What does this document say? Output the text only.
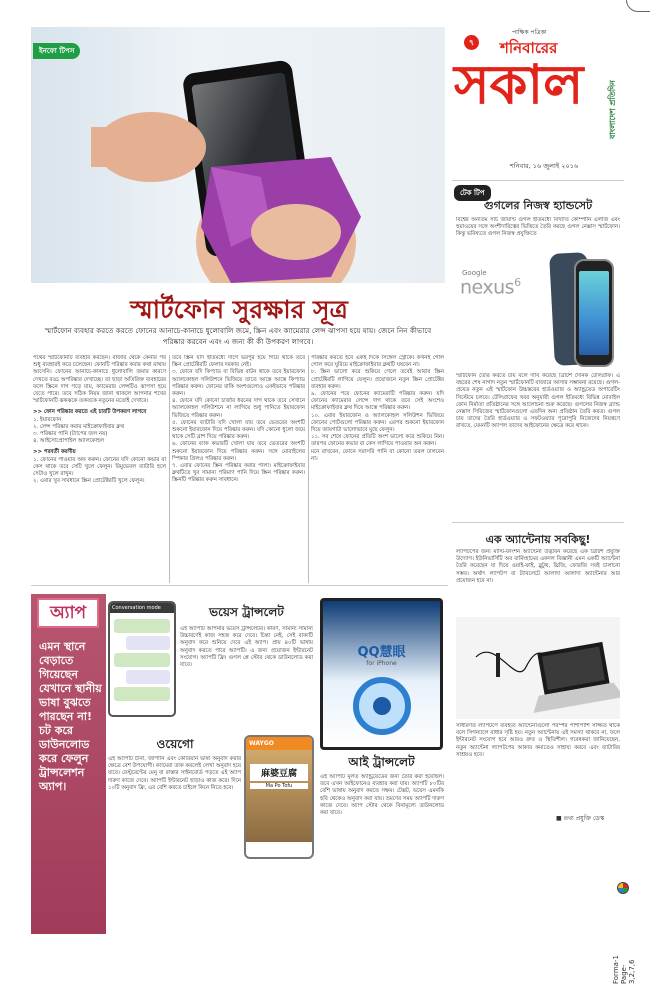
ইনফো টিপস
পাক্ষিক পত্রিকা
৭	শনিবারের
সকাল	বাংলাদেশ প্রতিদিন
শনিবার, ১৬ জুলাই ২০১৬
স্মার্টফোন সুরক্ষার সূত্র
স্মার্টফোন ব্যবহার করতে করতে ফোনের আনাচে-কানাচে ধুলোবালি জমে, স্ক্রিন এবং ক্যামেরার লেন্স ঝাপসা হয়ে যায়। জেনে নিন কীভাবে পরিষ্কার করবেন এবং এ জন্য কী কী উপকরণ লাগবে।
পথের স্মার্টফোনটি ব্যবহার করছেন। বাজার থেকে কেনার পর শুধু ব্যবহারই করে চলেছেন। ফোনটি পরিষ্কার করার কথা মাথায় আসেনি। ফোনের আনাচে-কানাচে ধুলোবালি জমার কারণে দেখতে বড্ড অপরিষ্কার দেখাচ্ছে। তা ছাড়া অতিরিক্ত ব্যবহারের ফলে স্ক্রিনে দাগ পড়ে যায়, ক্যামেরার লেন্সটিও ঝাপসা হয়ে যেতে পারে। তবে সঠিক নিয়ম জানা থাকলে আপনার শখের স্মার্টফোনটি ঝকঝকে তকতকে নতুনের মতোই দেখাবে।
>> ফোন পরিষ্কার করতে এই চারটি উপকরণ লাগবে
১. ইয়ারফোন
২. লেন্স পরিষ্কার করার মাইক্রোফাইবার ক্লথ
৩. পরিষ্কার পানি (ট্যাপের জল নয়)
৪. আইসোপ্রোপাইল অ্যালকোহল
>> পরবর্তী করণীয়
১. ফোনের পাওয়ার অফ করুন। ফোনের যদি কোনো কভার বা কেস থাকে তবে সেটি খুলে ফেলুন। রিমুভেবল ব্যাটারি হলে সেটাও খুলে রাখুন।
২. এবার খুব সাবধানে স্ক্রিন প্রোটেক্টরটি খুলে ফেলুন।
তবে স্ক্রিন যদি ইতিমধ্যে দাগে ভরপুর হয়ে গিয়ে থাকে তবে স্ক্রিন প্রোটেক্টরটি ফেলার দরকার নেই।
৩. ফোনে যদি কিপ্যাড বা বিভিন্ন বাটন থাকে তবে ইয়ারফোন অ্যালকোহল সলিউশনে ভিজিয়ে তাতে আস্তে আস্তে কিপ্যাড পরিষ্কার করুন। ফোনের বাকি অংশগুলোও একইভাবে পরিষ্কার করুন।
৪. ফোনে যদি কোনো চার্জার ধরনের দাগ থাকে তবে সেখানে অ্যালকোহল সলিউশনে না লাগিয়ে শুধু পানিতে ইয়ারফোন ভিজিয়ে পরিষ্কার করুন।
৫. ফোনের ব্যাটারি যদি খোলা যায় তবে ভেতরের অংশটি শুকনো ইয়ারফোন দিয়ে পরিষ্কার করুন। যদি কোনো ধুলো জমে থাকে সেটি ব্রাশ দিয়ে পরিষ্কার করুন।
৬. ফোনের ব্যাক কভারটি খোলা যায় তবে ভেতরের অংশটি শুকনো ইয়ারফোন দিয়ে পরিষ্কার করুন। সঙ্গে মোবাইলের স্পিকার গ্রিলও পরিষ্কার করুন।
৭. এবার ফোনের স্ক্রিন পরিষ্কার করার পালা। মাইক্রোফাইবার ক্লথটিতে খুব সামান্য পরিমাণ পানি দিয়ে স্ক্রিন পরিষ্কার করুন। স্ক্রিনটি পরিষ্কার করুন সাবধানে।
পরিষ্কার করতে হবে একই দিকে সিঙ্গেল স্ট্রোকে। কখনই গোল গোল করে ঘুরিয়ে মাইক্রোফাইবার ক্লথটি ঘষবেন না।
৮. স্ক্রিন ভালো করে শুকিয়ে গেলে তবেই আবার স্ক্রিন প্রোটেক্টরটি লাগিয়ে ফেলুন। প্রয়োজনে নতুন স্ক্রিন প্রোটেক্টর ব্যবহার করুন।
৯. ফোনের পরে ফোনের ক্যামেরাটি পরিষ্কার করুন। যদি ফোনের ক্যামেরার লেন্সে দাগ থাকে তবে সেই অংশেও মাইক্রোফাইবার ক্লথ দিয়ে আস্তে পরিষ্কার করুন।
১০. এবার ইয়ারফোন ও অ্যালকোহল সলিউশন ভিজিয়ে ফোনের পোর্টগুলো পরিষ্কার করুন। এরপর শুকনো ইয়ারফোন দিয়ে জায়গাটা ভালোভাবে মুছে ফেলুন।
১১. সব শেষে ফোনের প্রতিটি অংশ ভালো করে শুকিয়ে নিন। তারপর ফোনের কভার বা কেস লাগিয়ে পাওয়ার অন করুন।
মনে রাখবেন, ফোনে সরাসরি পানি বা কোনো তরল ঢালবেন না।
টেক টিপ
গুগলের নিজস্ব হ্যান্ডসেট
বিশ্বের অন্যতম সার্চ জায়ান্ট গুগল ইতিমধ্যে বিখ্যাত কোম্পানি এলজি এবং হুয়াওয়ের সঙ্গে অংশীদারিত্বের ভিত্তিতে তৈরি করছে গুগল নেক্সাস স্মার্টফোন। কিন্তু ভবিষ্যতে গুগল নিজস্ব প্রযুক্তিতে
Google
nexus$^6$
স্মার্টফোন তৈরি করতে চায় বলে দাবি করেছে ব্রিটিশ দৈনিক টেলিগ্রাফ। এ বছরের শেষ নাগাদ নতুন স্মার্টফোনটি বাজারে আসার সম্ভাবনা রয়েছে। গুগল-প্রয়েড নতুন এই স্মার্টফোন উচ্চস্তরের হার্ডওয়্যার ও অ্যান্ড্রয়েড অপারেটিং সিস্টেমে চলবে। টেলিগ্রাফের খবর অনুযায়ী গুগল ইতিমধ্যে বিভিন্ন মোবাইল ফোন নির্মাতা প্রতিষ্ঠানের সঙ্গে আলোচনা শুরু করেছে। গুগলের নিজস্ব ব্র্যান্ড নেক্সাস সিরিজের স্মার্টফোনগুলো এতদিন অন্য প্রতিষ্ঠান তৈরি করত। গুগল চায় তাদের তৈরি হার্ডওয়্যার ও সফটওয়্যার পুরোপুরি নিজেদের নিয়ন্ত্রণে রাখতে, যেমনটি অ্যাপল তাদের আইফোনের ক্ষেত্রে করে থাকে।
এক অ্যান্টেনায় সবকিছু!
ল্যাপটপের জন্য মাল্টি-ফাংশন অ্যান্টেনা উদ্ভাবন করেছে এক ব্রিটিশ প্রযুক্তি উদ্যোগ। ইউনিভার্সিটি অব বার্মিংহামের একদল বিজ্ঞানী এমন একটি অ্যান্টেনা তৈরি করেছেন যা দিয়ে ওয়াই-ফাই, ব্লুটুথ, থ্রিজি, ফোরজি সবই চালানো সম্ভব। অর্থাৎ ল্যাপটপ বা ট্যাবলেটে আলাদা আলাদা অ্যান্টেনার আর প্রয়োজন হবে না।
সাধারণত ল্যাপটপে ব্যবহৃত অ্যান্টেনাগুলো পরস্পর পাশাপাশি সজ্জিত থাকে বলে সিগন্যালে বাধার সৃষ্টি হয়। নতুন অ্যান্টেনায় এই সমস্যা থাকবে না, ফলে ইন্টারনেট সংযোগ হবে আরও দ্রুত ও স্থিতিশীল। গবেষকরা জানিয়েছেন, নতুন অ্যান্টেনা ল্যাপটপের আকার কমাতেও সাহায্য করবে এবং ব্যাটারির সাশ্রয়ও হবে।
■ তথ্য প্রযুক্তি ডেস্ক
অ্যাপ
এমন স্থানে বেড়াতে গিয়েছেন যেখানে স্থানীয় ভাষা বুঝতে পারছেন না! চট করে ডাউনলোড করে ফেলুন ট্রান্সলেশন অ্যাপ।
Conversation mode	ভয়েস ট্রান্সলেট
এই অ্যাপটি আপনার ভয়েস ট্রান্সলেটর। কারণ, সামান্য সামান্য উচ্চারণেই কাজ সহজ করে দেবে। চিন্তা নেই, সেই বাক্যটি অনুবাদ করে শুনিয়ে দেবে এই অ্যাপ। প্রায় ৪০টি ভাষায় অনুবাদ করতে পারে অ্যাপটি। এ জন্য প্রয়োজন ইন্টারনেট সংযোগ। অ্যাপটি ফ্রি। গুগল প্লে স্টোর থেকে ডাউনলোড করা যাবে।
ওয়েগো	WAYGO
麻婆豆腐
Ma Po Tofu
এই অ্যাপটি চীনা, জাপানি এবং কোরিয়ান ভাষা অনুবাদ করার ক্ষেত্রে বেশ উপযোগী। ক্যামেরা তাক করলেই লেখা অনুবাদ হয়ে যাবে। রেস্টুরেন্টের মেনু বা রাস্তার সাইনবোর্ড পড়তে এই অ্যাপ দারুণ কাজে দেবে। অ্যাপটি ইন্টারনেট ছাড়াও কাজ করে। দিনে ১০টি অনুবাদ ফ্রি, এর বেশি করতে চাইলে কিনে নিতে হবে।
QQ慧眼
for iPhone
আই ট্রান্সলেট
এই অ্যাপটি মূলত অ্যান্ড্রয়েডের জন্য তৈরি করা হয়েছিল। তবে এখন আইফোনেও ব্যবহার করা যায়। অ্যাপটি ৮০টির বেশি ভাষায় অনুবাদ করতে সক্ষম। টেক্সট, ভয়েস এমনকি ছবি থেকেও অনুবাদ করা যায়। ভ্রমণের সময় অ্যাপটি দারুণ কাজে দেবে। অ্যাপ স্টোর থেকে বিনামূল্যে ডাউনলোড করা যাবে।
Forma-1 Page-3,2,7,6
